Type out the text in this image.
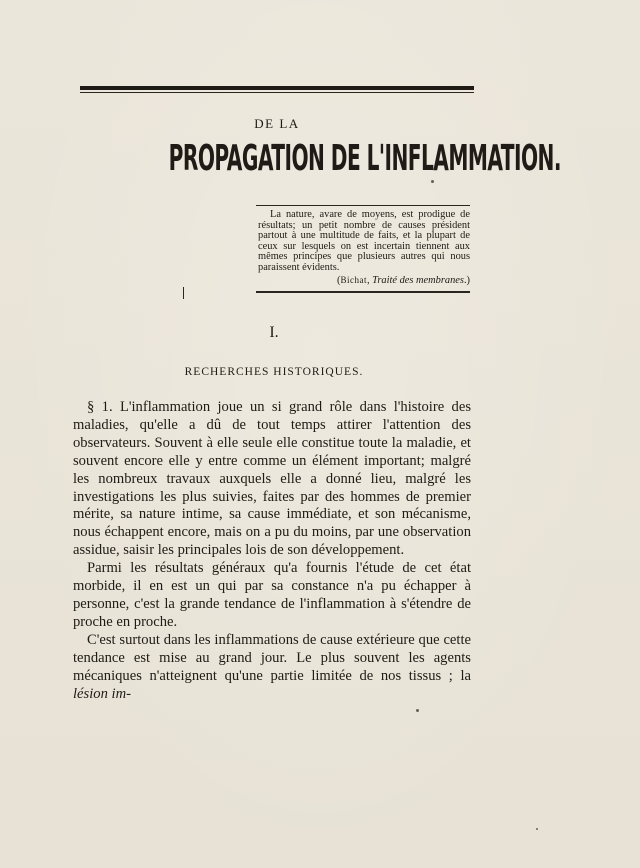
DE LA
PROPAGATION DE L'INFLAMMATION.

La nature, avare de moyens, est prodigue de résultats; un petit nombre de causes président partout à une multitude de faits, et la plupart de ceux sur lesquels on est incertain tiennent aux mêmes principes que plusieurs autres qui nous paraissent évidents.

(Bichat, Traité des membranes.)
I.
RECHERCHES HISTORIQUES.

§ 1. L'inflammation joue un si grand rôle dans l'histoire des maladies, qu'elle a dû de tout temps attirer l'attention des observateurs. Souvent à elle seule elle constitue toute la maladie, et souvent encore elle y entre comme un élément important; malgré les nombreux travaux auxquels elle a donné lieu, malgré les investigations les plus suivies, faites par des hommes de premier mérite, sa nature intime, sa cause immédiate, et son mécanisme, nous échappent encore, mais on a pu du moins, par une observation assidue, saisir les principales lois de son développement.

Parmi les résultats généraux qu'a fournis l'étude de cet état morbide, il en est un qui par sa constance n'a pu échapper à personne, c'est la grande tendance de l'inflammation à s'étendre de proche en proche.

C'est surtout dans les inflammations de cause extérieure que cette tendance est mise au grand jour. Le plus souvent les agents mécaniques n'atteignent qu'une partie limitée de nos tissus ; la lésion im-
